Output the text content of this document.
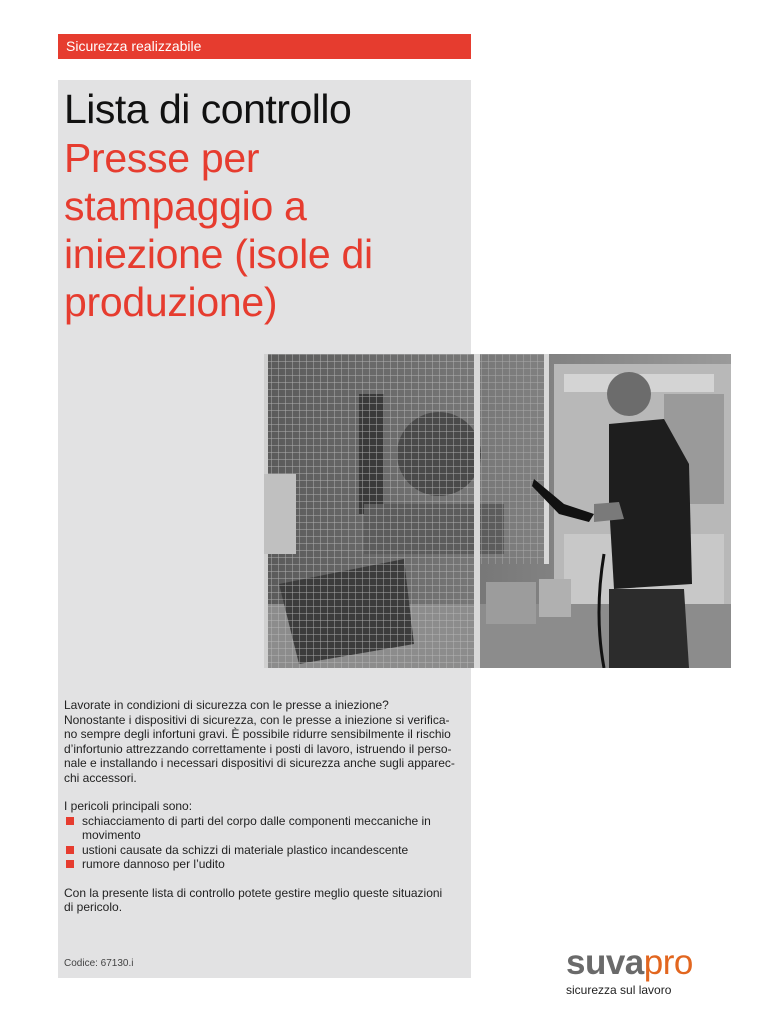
Sicurezza realizzabile
Lista di controllo
Presse per
stampaggio a
iniezione (isole di
produzione)

Lavorate in condizioni di sicurezza con le presse a iniezione?
Nonostante i dispositivi di sicurezza, con le presse a iniezione si verifica-
no sempre degli infortuni gravi. È possibile ridurre sensibilmente il rischio
d’infortunio attrezzando correttamente i posti di lavoro, istruendo il perso-
nale e installando i necessari dispositivi di sicurezza anche sugli apparec-
chi accessori.

I pericoli principali sono:

schiacciamento di parti del corpo dalle componenti meccaniche in
movimento
ustioni causate da schizzi di materiale plastico incandescente
rumore dannoso per l’udito

Con la presente lista di controllo potete gestire meglio queste situazioni
di pericolo.

Codice: 67130.i	suvapro
sicurezza sul lavoro
